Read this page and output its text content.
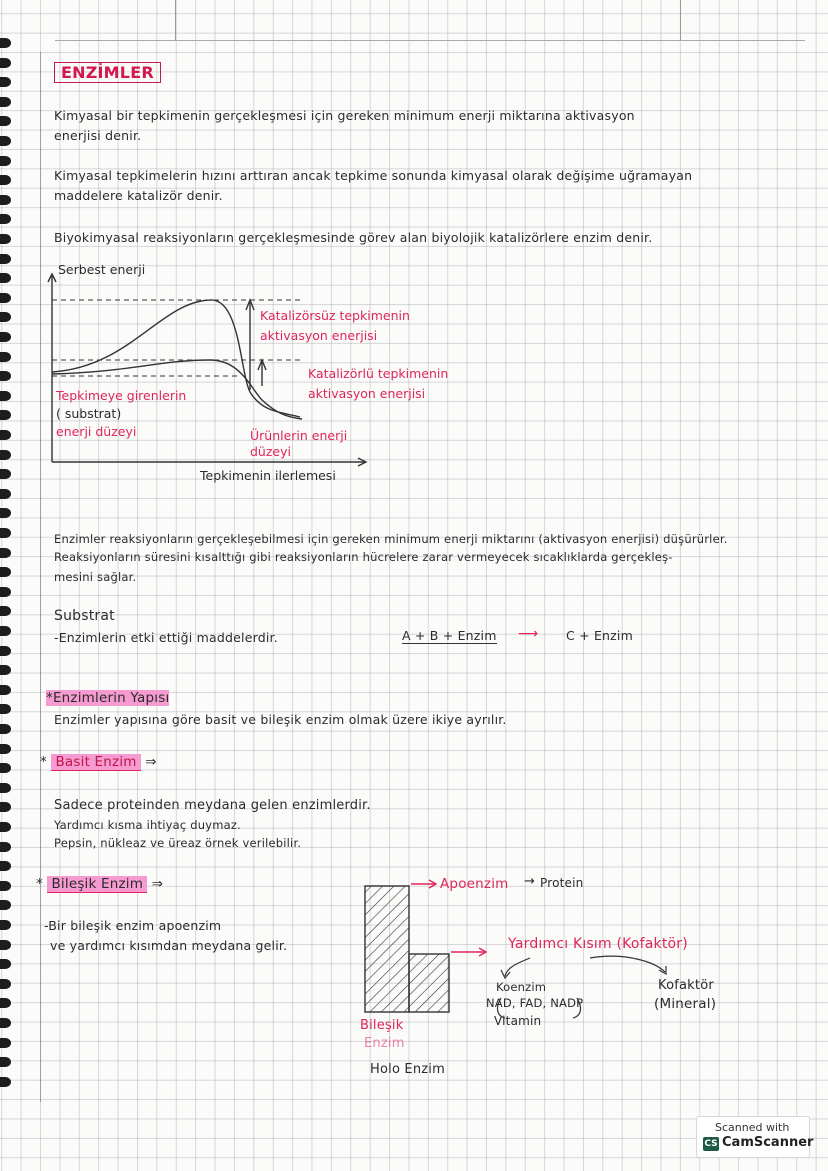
ENZİMLER
Kimyasal bir tepkimenin gerçekleşmesi için gereken minimum enerji miktarına aktivasyon
enerjisi denir.
Kimyasal tepkimelerin hızını arttıran ancak tepkime sonunda kimyasal olarak değişime uğramayan
maddelere katalizör denir.
Biyokimyasal reaksiyonların gerçekleşmesinde görev alan biyolojik katalizörlere enzim denir.
Serbest enerji
Tepkimenin ilerlemesi
Katalizörsüz tepkimenin
aktivasyon enerjisi
Katalizörlü tepkimenin
aktivasyon enerjisi
Tepkimeye girenlerin
( substrat)
enerji düzeyi	Ürünlerin enerji
düzeyi
Enzimler reaksiyonların gerçekleşebilmesi için gereken minimum enerji miktarını (aktivasyon enerjisi) düşürürler.
Reaksiyonların süresini kısalttığı gibi reaksiyonların hücrelere zarar vermeyecek sıcaklıklarda gerçekleş-
mesini sağlar.
Substrat
-Enzimlerin etki ettiği maddelerdir.	A + B + Enzim ⟶ C + Enzim
*Enzimlerin Yapısı
Enzimler yapısına göre basit ve bileşik enzim olmak üzere ikiye ayrılır.
* Basit Enzim ⇒
Sadece proteinden meydana gelen enzimlerdir.
Yardımcı kısma ihtiyaç duymaz.
Pepsin, nükleaz ve üreaz örnek verilebilir.
* Bileşik Enzim ⇒
-Bir bileşik enzim apoenzim
ve yardımcı kısımdan meydana gelir.
Apoenzim → Protein
Yardımcı Kısım (Kofaktör)
Koenzim
NAD, FAD, NADP
Vitamin
Kofaktör
(Mineral)
Bileşik
Enzim
Holo Enzim
Scanned with
CS CamScanner
